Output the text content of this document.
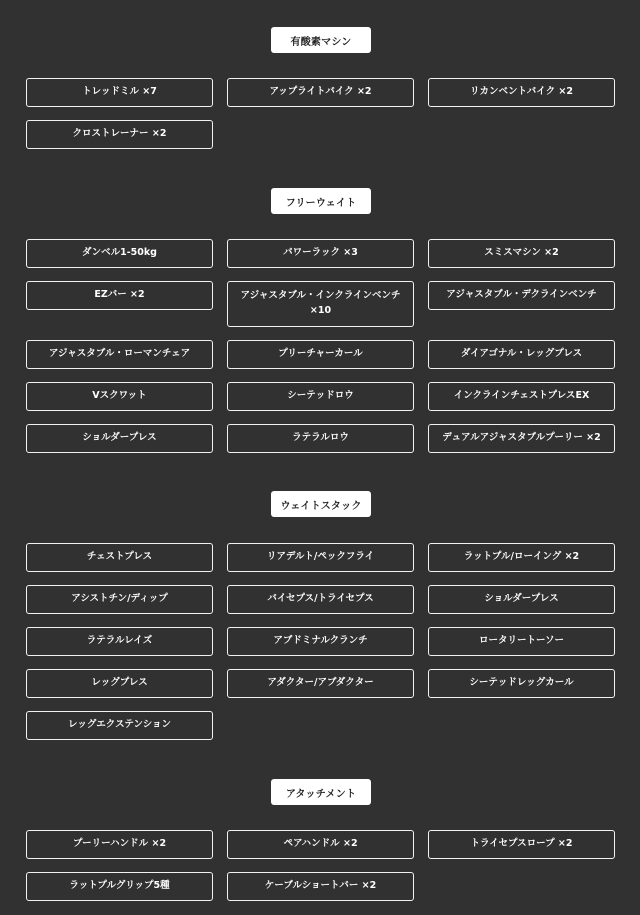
有酸素マシン
トレッドミル ×7	アップライトバイク ×2	リカンベントバイク ×2
クロストレーナー ×2
フリーウェイト
ダンベル1-50kg	パワーラック ×3	スミスマシン ×2
EZバー ×2	アジャスタブル・インクラインベンチ
×10
アジャスタブル・デクラインベンチ
アジャスタブル・ローマンチェア	プリーチャーカール	ダイアゴナル・レッグプレス
Vスクワット	シーテッドロウ	インクラインチェストプレスEX
ショルダープレス	ラテラルロウ	デュアルアジャスタブルプーリー ×2
ウェイトスタック
チェストプレス	リアデルト/ペックフライ	ラットプル/ローイング ×2
アシストチン/ディップ	バイセプス/トライセプス	ショルダープレス
ラテラルレイズ	アブドミナルクランチ	ロータリートーソー
レッグプレス	アダクター/アブダクター	シーテッドレッグカール
レッグエクステンション
アタッチメント
プーリーハンドル ×2	ペアハンドル ×2	トライセプスロープ ×2
ラットプルグリップ5種	ケーブルショートバー ×2
